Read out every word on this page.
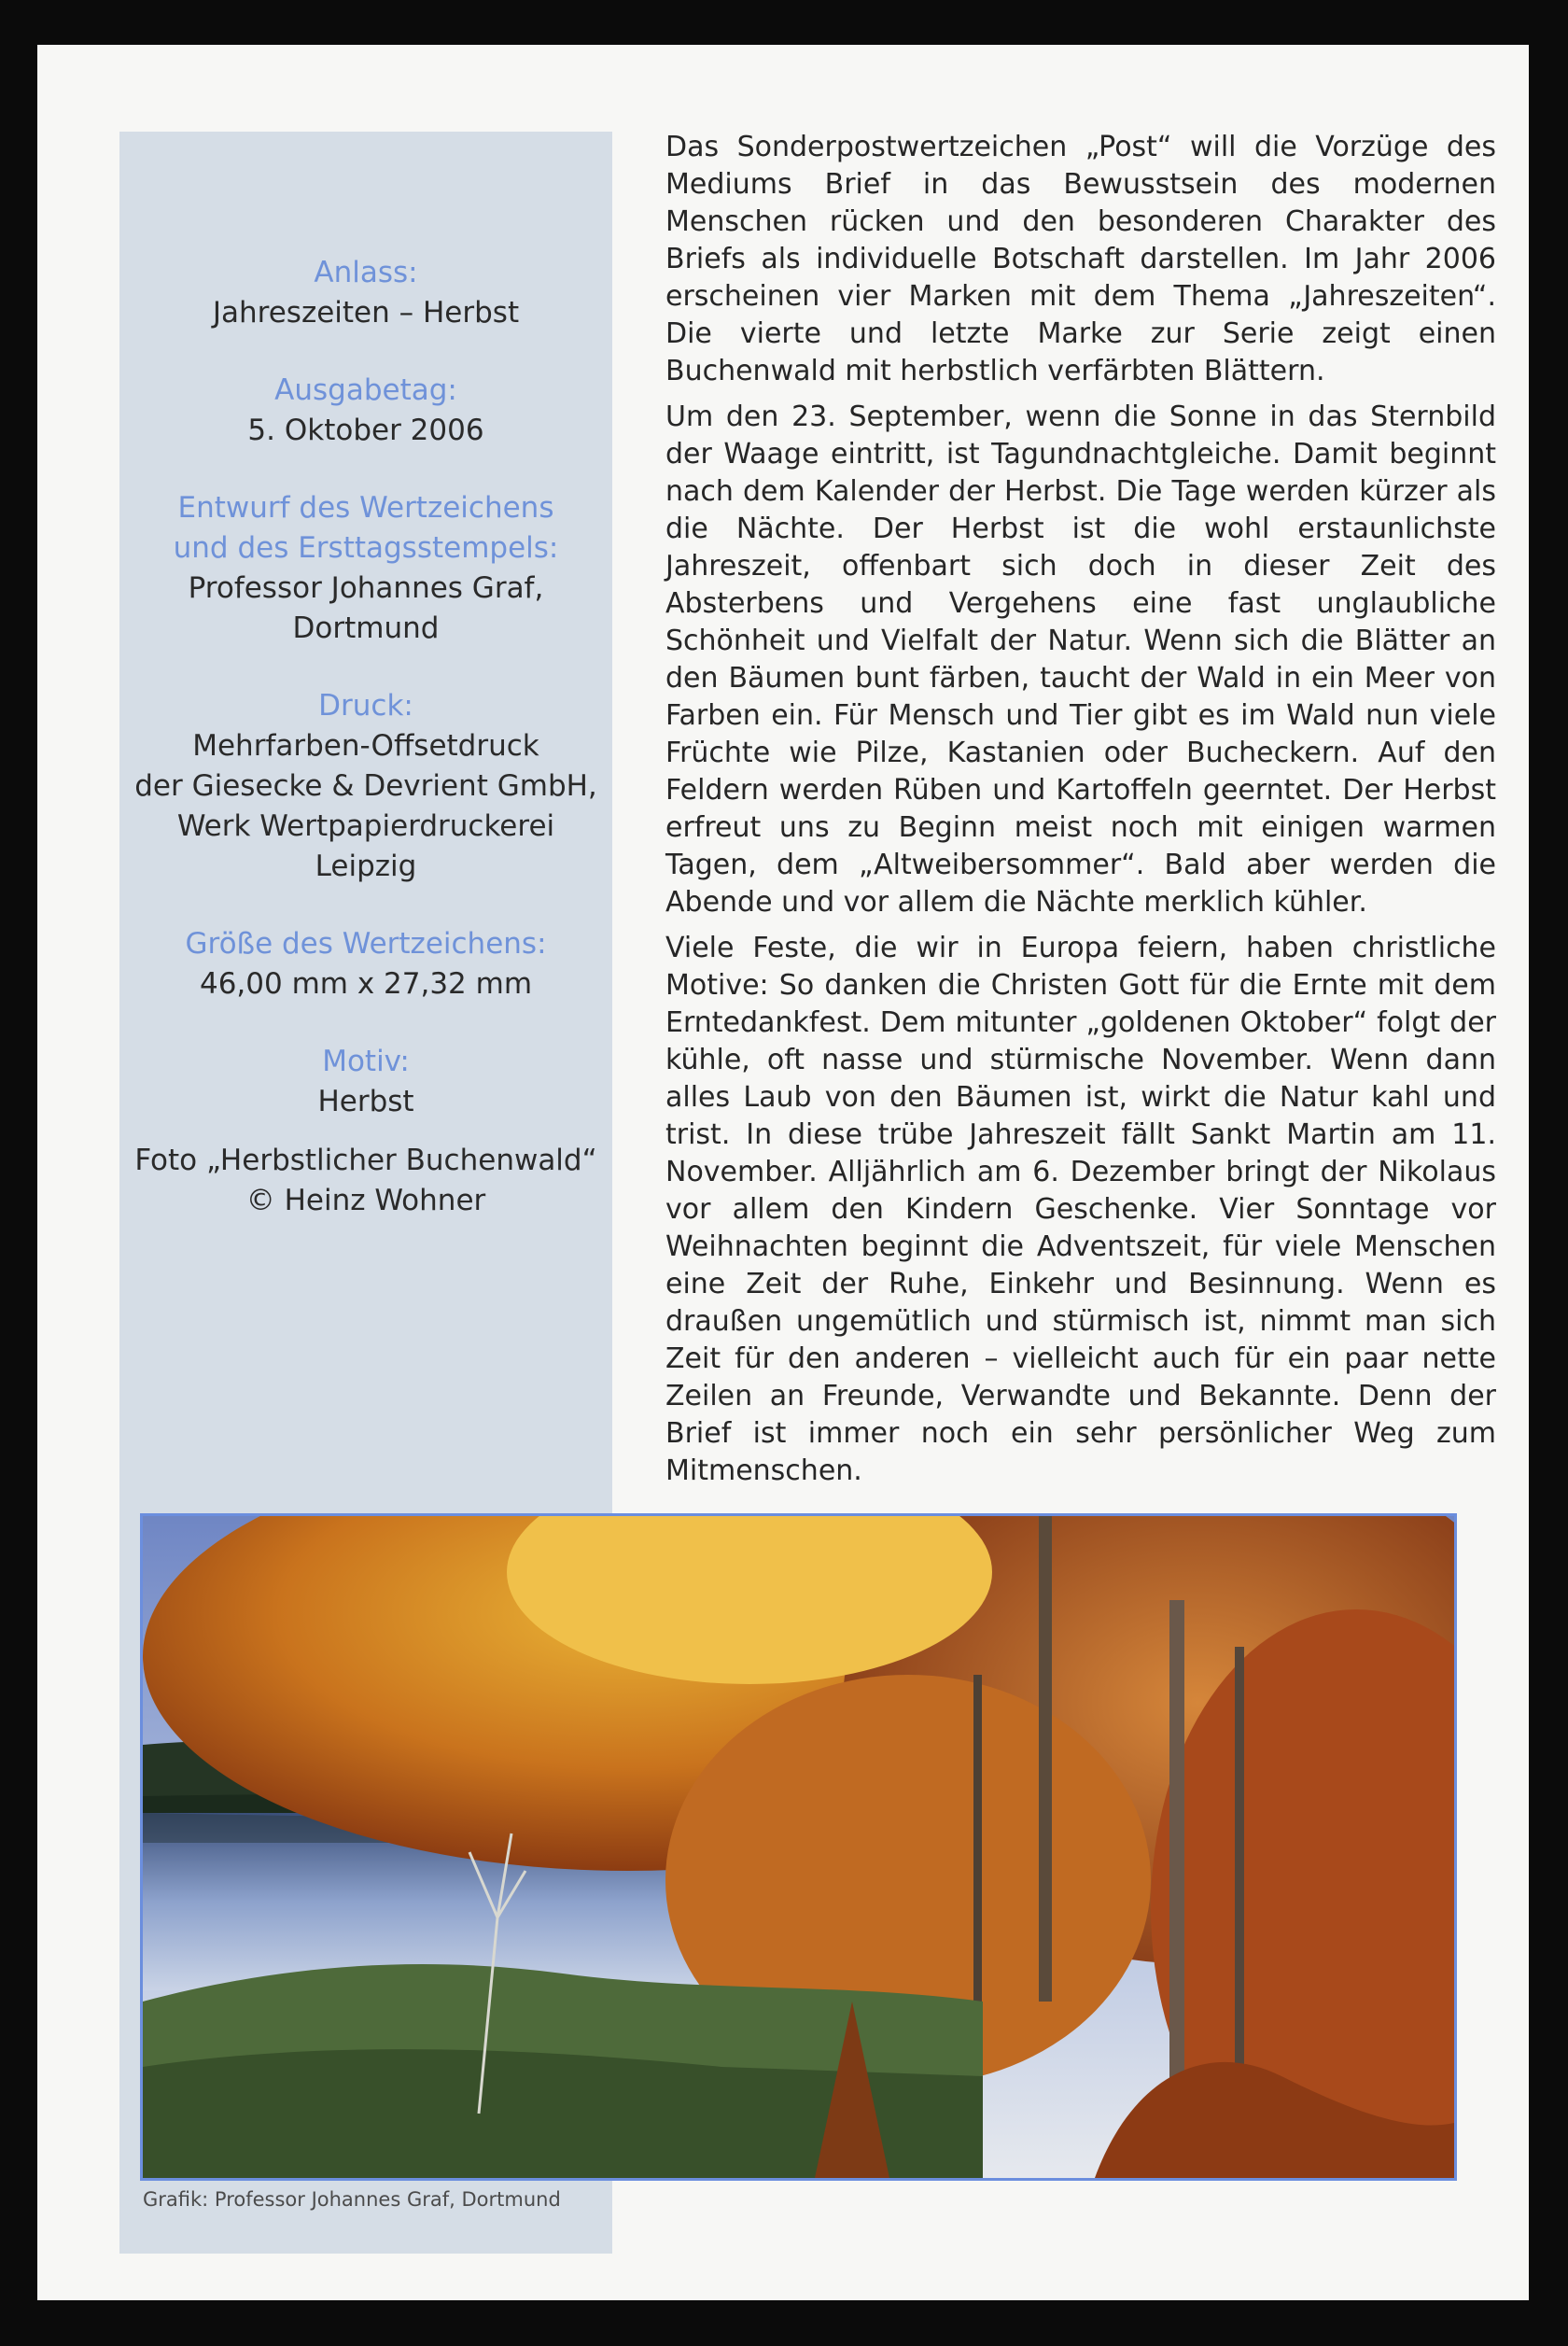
Anlass:
Jahreszeiten – Herbst
Ausgabetag:
5. Oktober 2006
Entwurf des Wertzeichens
und des Ersttagsstempels:
Professor Johannes Graf,
Dortmund
Druck:
Mehrfarben-Offsetdruck
der Giesecke & Devrient GmbH,
Werk Wertpapierdruckerei
Leipzig
Größe des Wertzeichens:
46,00 mm x 27,32 mm
Motiv:
Herbst
Foto „Herbstlicher Buchenwald“
© Heinz Wohner

Das Sonderpostwertzeichen „Post“ will die Vorzüge des Mediums Brief in das Bewusstsein des modernen Menschen rücken und den besonderen Charakter des Briefs als individuelle Botschaft darstellen. Im Jahr 2006 erscheinen vier Marken mit dem Thema „Jahreszeiten“. Die vierte und letzte Marke zur Serie zeigt einen Buchenwald mit herbstlich verfärbten Blättern.

Um den 23. September, wenn die Sonne in das Sternbild der Waage eintritt, ist Tagundnachtgleiche. Damit beginnt nach dem Kalender der Herbst. Die Tage werden kürzer als die Nächte. Der Herbst ist die wohl erstaunlichste Jahreszeit, offenbart sich doch in dieser Zeit des Absterbens und Vergehens eine fast unglaubliche Schönheit und Vielfalt der Natur. Wenn sich die Blätter an den Bäumen bunt färben, taucht der Wald in ein Meer von Farben ein. Für Mensch und Tier gibt es im Wald nun viele Früchte wie Pilze, Kastanien oder Bucheckern. Auf den Feldern werden Rüben und Kartoffeln geerntet. Der Herbst erfreut uns zu Beginn meist noch mit einigen warmen Tagen, dem „Altweibersommer“. Bald aber werden die Abende und vor allem die Nächte merklich kühler.

Viele Feste, die wir in Europa feiern, haben christliche Motive: So danken die Christen Gott für die Ernte mit dem Erntedankfest. Dem mitunter „goldenen Oktober“ folgt der kühle, oft nasse und stürmische November. Wenn dann alles Laub von den Bäumen ist, wirkt die Natur kahl und trist. In diese trübe Jahreszeit fällt Sankt Martin am 11. November. Alljährlich am 6. Dezember bringt der Nikolaus vor allem den Kindern Geschenke. Vier Sonntage vor Weihnachten beginnt die Adventszeit, für viele Menschen eine Zeit der Ruhe, Einkehr und Besinnung. Wenn es draußen ungemütlich und stürmisch ist, nimmt man sich Zeit für den anderen – vielleicht auch für ein paar nette Zeilen an Freunde, Verwandte und Bekannte. Denn der Brief ist immer noch ein sehr persönlicher Weg zum Mitmenschen.

Grafik: Professor Johannes Graf, Dortmund
